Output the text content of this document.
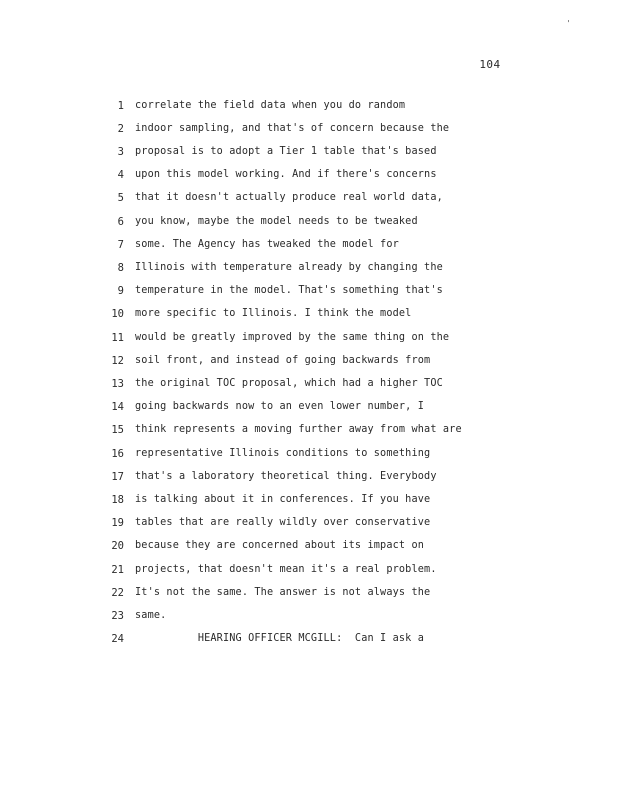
'
104
1 correlate the field data when you do random
2 indoor sampling, and that's of concern because the
3 proposal is to adopt a Tier 1 table that's based
4 upon this model working. And if there's concerns
5 that it doesn't actually produce real world data,
6 you know, maybe the model needs to be tweaked
7 some. The Agency has tweaked the model for
8 Illinois with temperature already by changing the
9 temperature in the model. That's something that's
10 more specific to Illinois. I think the model
11 would be greatly improved by the same thing on the
12 soil front, and instead of going backwards from
13 the original TOC proposal, which had a higher TOC
14 going backwards now to an even lower number, I
15 think represents a moving further away from what are
16 representative Illinois conditions to something
17 that's a laboratory theoretical thing. Everybody
18 is talking about it in conferences. If you have
19 tables that are really wildly over conservative
20 because they are concerned about its impact on
21 projects, that doesn't mean it's a real problem.
22 It's not the same. The answer is not always the
23 same.
24 HEARING OFFICER MCGILL:  Can I ask a
